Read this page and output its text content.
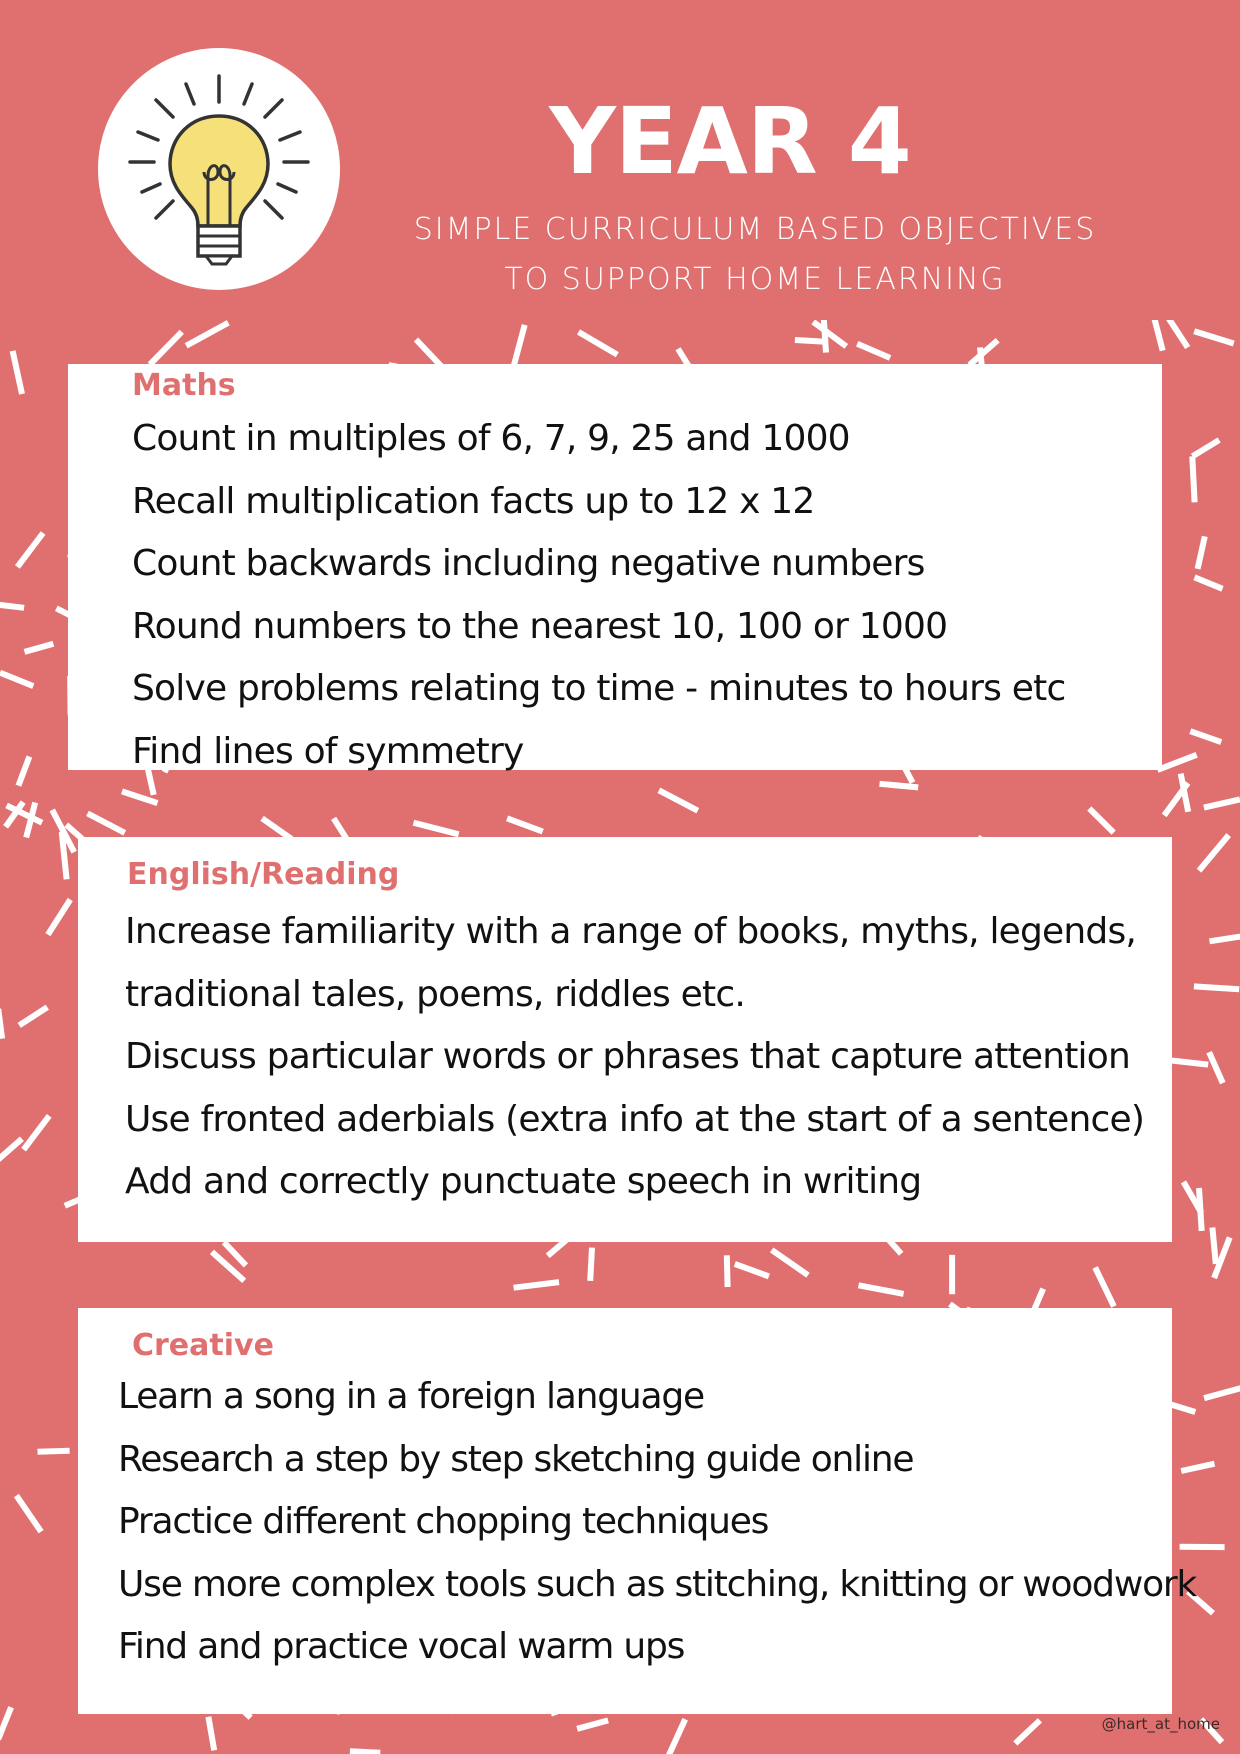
YEAR 4
SIMPLE CURRICULUM BASED OBJECTIVES
TO SUPPORT HOME LEARNING
Maths
Count in multiples of 6, 7, 9, 25 and 1000
Recall multiplication facts up to 12 x 12
Count backwards including negative numbers
Round numbers to the nearest 10, 100 or 1000
Solve problems relating to time - minutes to hours etc
Find lines of symmetry
English/Reading
Increase familiarity with a range of books, myths, legends,
traditional tales, poems, riddles etc.
Discuss particular words or phrases that capture attention
Use fronted aderbials (extra info at the start of a sentence)
Add and correctly punctuate speech in writing
Creative
Learn a song in a foreign language
Research a step by step sketching guide online
Practice different chopping techniques
Use more complex tools such as stitching, knitting or woodwork
Find and practice vocal warm ups
@hart_at_home
